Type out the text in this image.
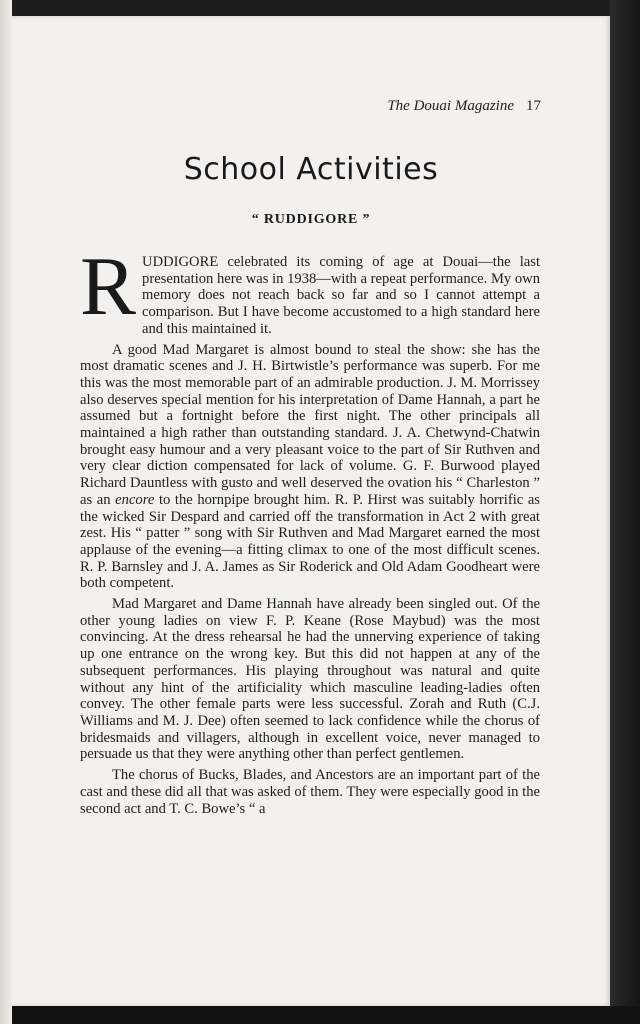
The Douai Magazine 17
School Activities
“ RUDDIGORE ”

RUDDIGORE celebrated its coming of age at Douai—the last presentation here was in 1938—with a repeat performance. My own memory does not reach back so far and so I cannot attempt a comparison. But I have become accustomed to a high standard here and this maintained it.

A good Mad Margaret is almost bound to steal the show: she has the most dramatic scenes and J. H. Birtwistle’s performance was superb. For me this was the most memorable part of an admirable production. J. M. Morrissey also deserves special mention for his interpretation of Dame Hannah, a part he assumed but a fortnight before the first night. The other principals all maintained a high rather than outstanding standard. J. A. Chetwynd-Chatwin brought easy humour and a very pleasant voice to the part of Sir Ruthven and very clear diction compensated for lack of volume. G. F. Burwood played Richard Dauntless with gusto and well deserved the ovation his “ Charleston ” as an encore to the hornpipe brought him. R. P. Hirst was suitably horrific as the wicked Sir Despard and carried off the transformation in Act 2 with great zest. His “ patter ” song with Sir Ruthven and Mad Margaret earned the most applause of the evening—a fitting climax to one of the most difficult scenes. R. P. Barnsley and J. A. James as Sir Roderick and Old Adam Goodheart were both competent.

Mad Margaret and Dame Hannah have already been singled out. Of the other young ladies on view F. P. Keane (Rose Maybud) was the most convincing. At the dress rehearsal he had the unnerving experience of taking up one entrance on the wrong key. But this did not happen at any of the subsequent performances. His playing throughout was natural and quite without any hint of the artificiality which masculine leading-ladies often convey. The other female parts were less successful. Zorah and Ruth (C.J. Williams and M. J. Dee) often seemed to lack confidence while the chorus of bridesmaids and villagers, although in excellent voice, never managed to persuade us that they were anything other than perfect gentlemen.

The chorus of Bucks, Blades, and Ancestors are an important part of the cast and these did all that was asked of them. They were especially good in the second act and T. C. Bowe’s “ a
